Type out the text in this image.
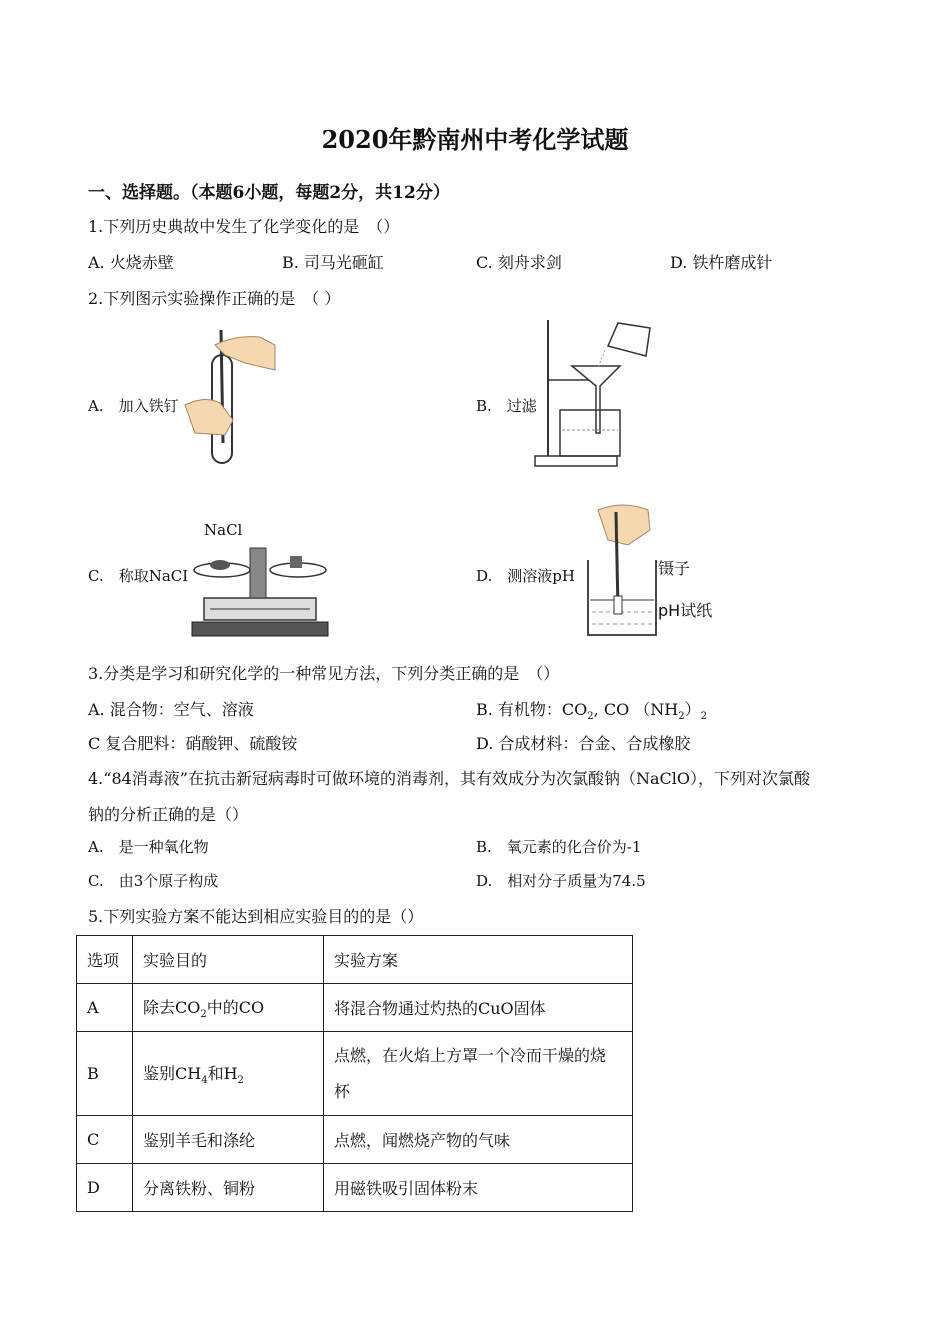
2020年黔南州中考化学试题
一、选择题。（本题6小题，每题2分，共12分）
1.下列历史典故中发生了化学变化的是　（）
A. 火烧赤壁	B. 司马光砸缸	C. 刻舟求剑	D. 铁杵磨成针
2.下列图示实验操作正确的是　（ ）
A.　加入铁钉	B.　过滤
C.　称取NaCI
NaCl
D.　测溶液pH	镊子
pH试纸
3.分类是学习和研究化学的一种常见方法，下列分类正确的是　（）
A. 混合物：空气、溶液	B. 有机物：$CO_2$, CO $(NH_2)_2$
C 复合肥料：硝酸钾、硫酸铵	D. 合成材料：合金、合成橡胶
4.“84消毒液”在抗击新冠病毒时可做环境的消毒剂，其有效成分为次氯酸钠（NaClO），下列对次氯酸
钠的分析正确的是（）
A.　是一种氧化物	B.　氧元素的化合价为-1
C.　由3个原子构成	D.　相对分子质量为74.5
5.下列实验方案不能达到相应实验目的的是（）
选项	实验目的	实验方案
A	除去$CO_2$中的CO	将混合物通过灼热的CuO固体
B	鉴别$CH_4$和$H_2$	点燃，在火焰上方罩一个冷而干燥的烧
杯

C	鉴别羊毛和涤纶	点燃，闻燃烧产物的气味
D	分离铁粉、铜粉	用磁铁吸引固体粉末
